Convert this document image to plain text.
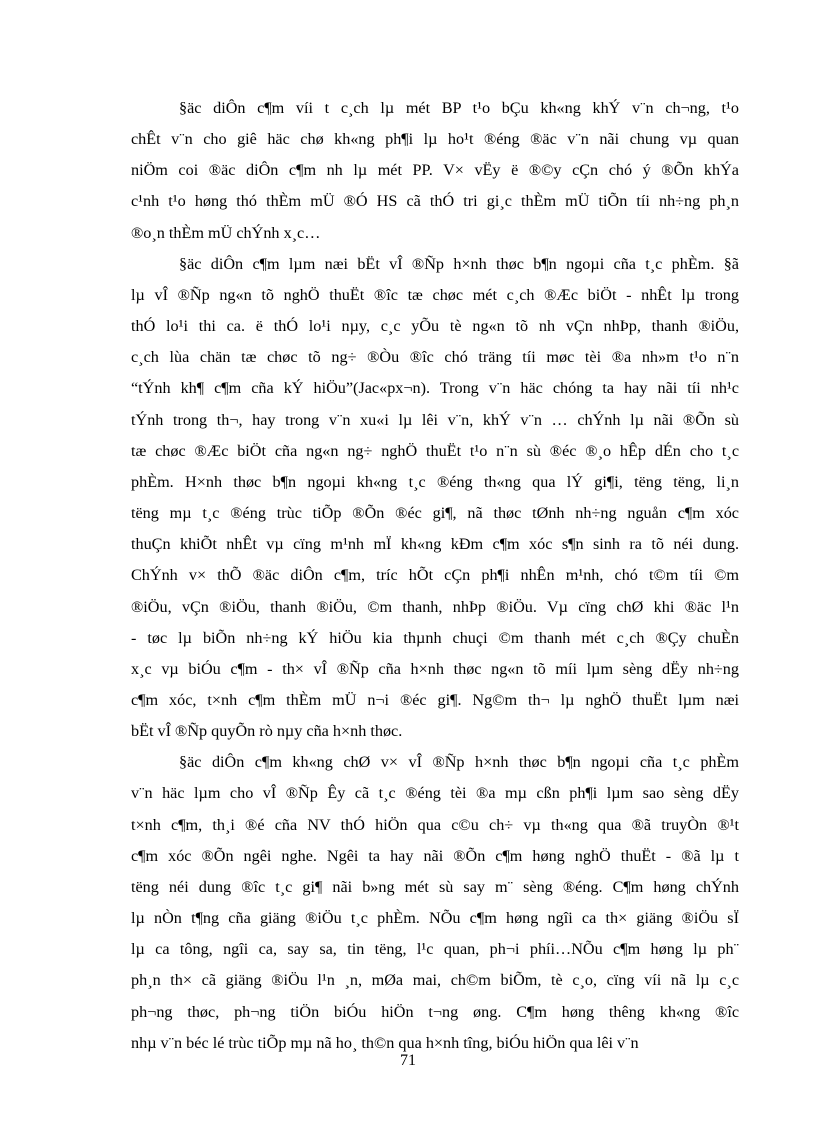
§äc diÔn c¶m víi t c¸ch lµ mét BP t¹o bÇu kh«ng khÝ v¨n ch¬ng, t¹o

chÊt v¨n cho giê häc chø kh«ng ph¶i lµ ho¹t ®éng ®äc v¨n nãi chung vµ quan

niÖm coi ®äc diÔn c¶m nh lµ mét PP. V× vËy ë ®©y cÇn chó ý ®Õn khÝa

c¹nh t¹o høng thó thÈm mÜ ®Ó HS cã thÓ tri gi¸c thÈm mÜ tiÕn tíi nh÷ng ph¸n

®o¸n thÈm mÜ chÝnh x¸c…

§äc diÔn c¶m lµm næi bËt vÎ ®Ñp h×nh thøc b¶n ngoµi cña t¸c phÈm. §ã

lµ vÎ ®Ñp ng«n tõ nghÖ thuËt ®îc tæ chøc mét c¸ch ®Æc biÖt - nhÊt lµ trong

thÓ lo¹i thi ca. ë thÓ lo¹i nµy, c¸c yÕu tè ng«n tõ nh vÇn nhÞp, thanh ®iÖu,

c¸ch lùa chän tæ chøc tõ ng÷ ®Òu ®îc chó träng tíi møc tèi ®a nh»m t¹o n¨n

“tÝnh kh¶ c¶m cña kÝ hiÖu”(Jac«px¬n). Trong v¨n häc chóng ta hay nãi tíi nh¹c

tÝnh trong th¬, hay trong v¨n xu«i lµ lêi v¨n, khÝ v¨n … chÝnh lµ nãi ®Õn sù

tæ chøc ®Æc biÖt cña ng«n ng÷ nghÖ thuËt t¹o n¨n sù ®éc ®¸o hÊp dÉn cho t¸c

phÈm. H×nh thøc b¶n ngoµi kh«ng t¸c ®éng th«ng qua lÝ gi¶i, tëng tëng, li¸n

tëng mµ t¸c ®éng trùc tiÕp ®Õn ®éc gi¶, nã thøc tØnh nh÷ng nguån c¶m xóc

thuÇn khiÕt nhÊt vµ cïng m¹nh mÏ kh«ng kÐm c¶m xóc s¶n sinh ra tõ néi dung.

ChÝnh v× thÕ ®äc diÔn c¶m, tríc hÕt cÇn ph¶i nhÊn m¹nh, chó t©m tíi ©m

®iÖu, vÇn ®iÖu, thanh ®iÖu, ©m thanh, nhÞp ®iÖu. Vµ cïng chØ khi ®äc l¹n

- tøc lµ biÕn nh÷ng kÝ hiÖu kia thµnh chuçi ©m thanh mét c¸ch ®Çy chuÈn

x¸c vµ biÓu c¶m - th× vÎ ®Ñp cña h×nh thøc ng«n tõ míi lµm sèng dËy nh÷ng

c¶m xóc, t×nh c¶m thÈm mÜ n¬i ®éc gi¶. Ng©m th¬ lµ nghÖ thuËt lµm næi

bËt vÎ ®Ñp quyÕn rò nµy cña h×nh thøc.

§äc diÔn c¶m kh«ng chØ v× vÎ ®Ñp h×nh thøc b¶n ngoµi cña t¸c phÈm

v¨n häc lµm cho vÎ ®Ñp Êy cã t¸c ®éng tèi ®a mµ cßn ph¶i lµm sao sèng dËy

t×nh c¶m, th¸i ®é cña NV thÓ hiÖn qua c©u ch÷ vµ th«ng qua ®ã truyÒn ®¹t

c¶m xóc ®Õn ngêi nghe. Ngêi ta hay nãi ®Õn c¶m høng nghÖ thuËt - ®ã lµ t

tëng néi dung ®îc t¸c gi¶ nãi b»ng mét sù say m¨ sèng ®éng. C¶m høng chÝnh

lµ nÒn t¶ng cña giäng ®iÖu t¸c phÈm. NÕu c¶m høng ngîi ca th× giäng ®iÖu sÏ

lµ ca tông, ngîi ca, say sa, tin tëng, l¹c quan, ph¬i phíi…NÕu c¶m høng lµ ph¨

ph¸n th× cã giäng ®iÖu l¹n ¸n, mØa mai, ch©m biÕm, tè c¸o, cïng víi nã lµ c¸c

ph¬ng thøc, ph¬ng tiÖn biÓu hiÖn t¬ng øng. C¶m høng thêng kh«ng ®îc

nhµ v¨n béc lé trùc tiÕp mµ nã ho¸ th©n qua h×nh tîng, biÓu hiÖn qua lêi v¨n

71
